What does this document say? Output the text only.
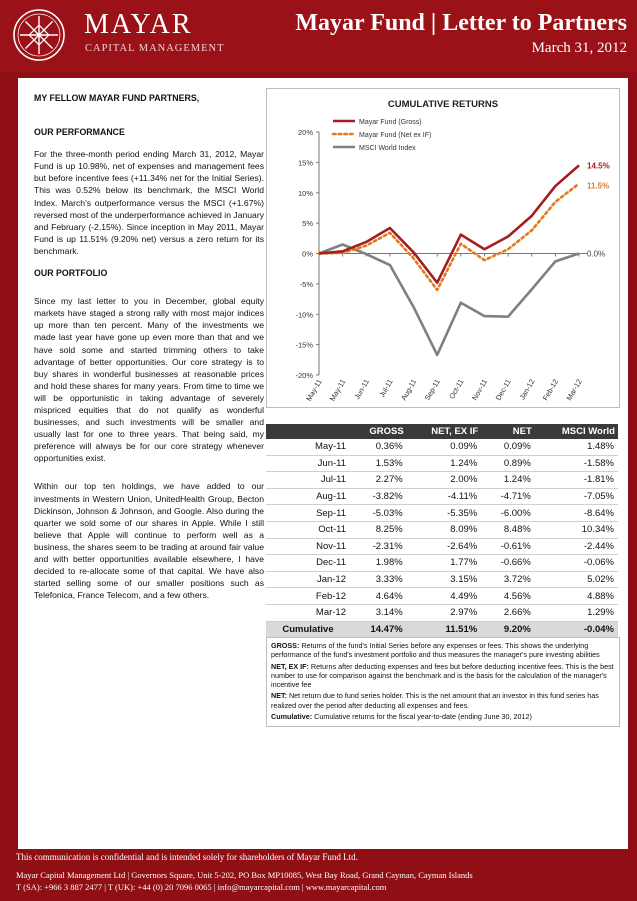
MAYAR
CAPITAL MANAGEMENT
Mayar Fund | Letter to Partners
March 31, 2012
MY FELLOW MAYAR FUND PARTNERS,
OUR PERFORMANCE

For the three-month period ending March 31, 2012, Mayar Fund is up 10.98%, net of expenses and management fees but before incentive fees (+11.34% net for the Initial Series). This was 0.52% below its benchmark, the MSCI World Index. March's outperformance versus the MSCI (+1.67%) reversed most of the underperformance achieved in January and February (-2.15%). Since inception in May 2011, Mayar Fund is up 11.51% (9.20% net) versus a zero return for its benchmark.

OUR PORTFOLIO

Since my last letter to you in December, global equity markets have staged a strong rally with most major indices up more than ten percent. Many of the investments we made last year have gone up even more than that and we have sold some and started trimming others to take advantage of better opportunities. Our core strategy is to buy shares in wonderful businesses at reasonable prices and hold these shares for many years. From time to time we will be opportunistic in taking advantage of severely mispriced equities that do not qualify as wonderful businesses, and such investments will be smaller and usually last for one to three years. That being said, my preference will always be for our core strategy whenever opportunities exist.

Within our top ten holdings, we have added to our investments in Western Union, UnitedHealth Group, Becton Dickinson, Johnson & Johnson, and Google. Also during the quarter we sold some of our shares in Apple. While I still believe that Apple will continue to perform well as a business, the shares seem to be trading at around fair value and with better opportunities available elsewhere, I have decided to re-allocate some of that capital. We have also started selling some of our smaller positions such as Telefonica, France Telecom, and a few others.

CUMULATIVE RETURNS
20%
15%
10%
5%
0%
-5%
-10%
-15%
-20%
May-11 May-11 Jun-11 Jul-11 Aug-11 Sep-11 Oct-11 Nov-11 Dec-11 Jan-12 Feb-12 Mar-12
0.0%
11.5%
14.5%
Mayar Fund (Gross)
Mayar Fund (Net ex IF)
MSCI World Index
	GROSS	NET, EX IF	NET	MSCI World
May-11	0.36%	0.09%	0.09%	1.48%
Jun-11	1.53%	1.24%	0.89%	-1.58%
Jul-11	2.27%	2.00%	1.24%	-1.81%
Aug-11	-3.82%	-4.11%	-4.71%	-7.05%
Sep-11	-5.03%	-5.35%	-6.00%	-8.64%
Oct-11	8.25%	8.09%	8.48%	10.34%
Nov-11	-2.31%	-2.64%	-0.61%	-2.44%
Dec-11	1.98%	1.77%	-0.66%	-0.06%
Jan-12	3.33%	3.15%	3.72%	5.02%
Feb-12	4.64%	4.49%	4.56%	4.88%
Mar-12	3.14%	2.97%	2.66%	1.29%
Cumulative	14.47%	11.51%	9.20%	-0.04%

GROSS: Returns of the fund's Initial Series before any expenses or fees. This shows the underlying performance of the fund's investment portfolio and thus measures the manager's pure investing abilities

NET, EX IF: Returns after deducting expenses and fees but before deducting incentive fees. This is the best number to use for comparison against the benchmark and is the basis for the calculation of the manager's incentive fee

NET: Net return due to fund series holder. This is the net amount that an investor in this fund series has realized over the period after deducting all expenses and fees.

Cumulative: Cumulative returns for the fiscal year-to-date (ending June 30, 2012)

This communication is confidential and is intended solely for shareholders of Mayar Fund Ltd.
Mayar Capital Management Ltd | Governors Square, Unit 5-202, PO Box MP10085, West Bay Road, Grand Cayman, Cayman Islands
T (SA): +966 3 887 2477 | T (UK): +44 (0) 20 7096 0065 | info@mayarcapital.com | www.mayarcapital.com
